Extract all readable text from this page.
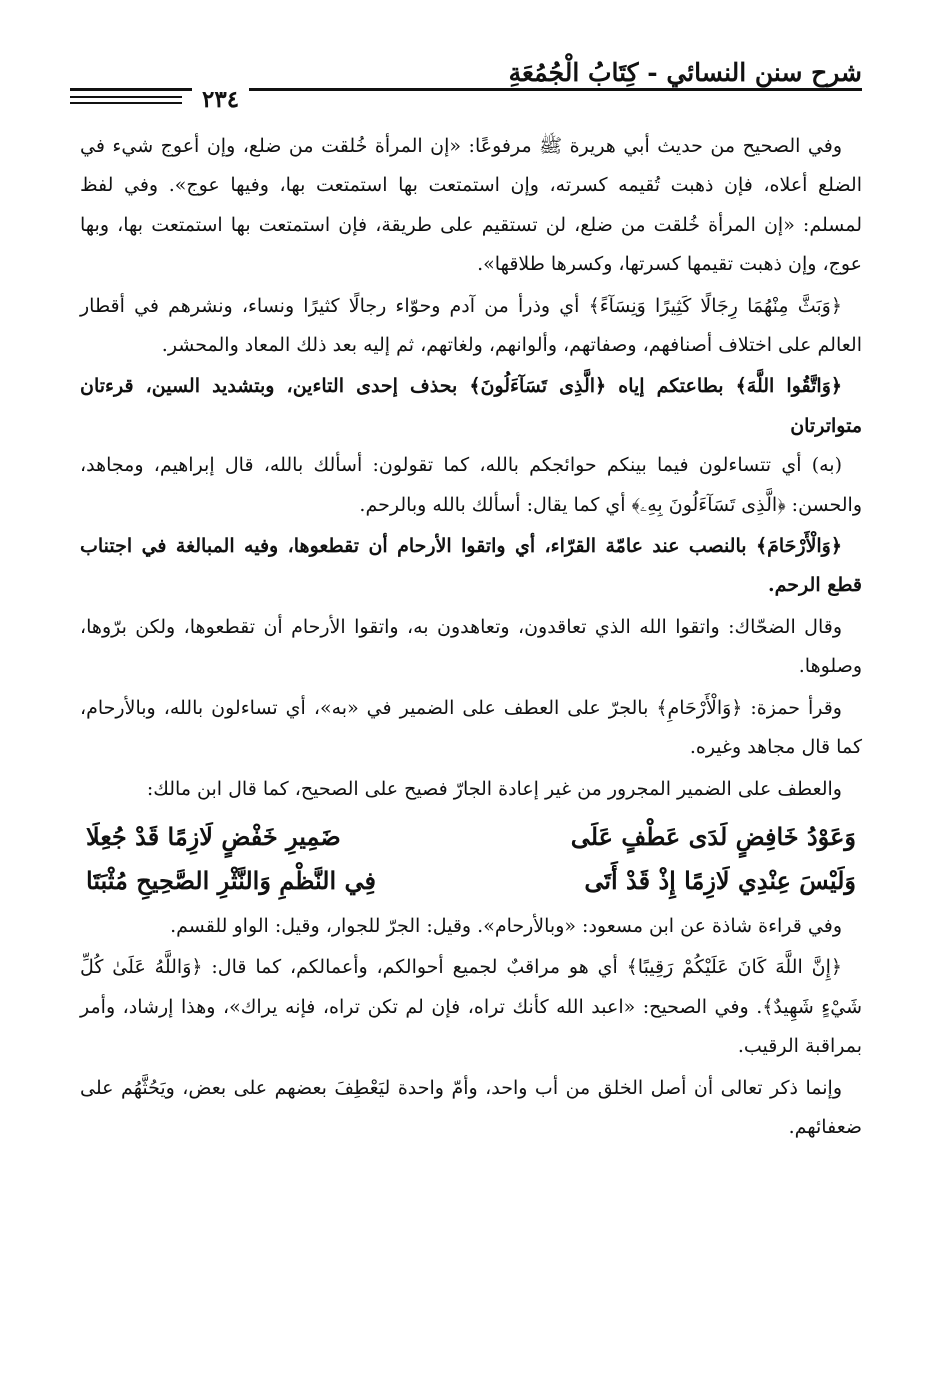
شرح سنن النسائي - كِتَابُ الْجُمُعَةِ
٢٣٤

وفي الصحيح من حديث أبي هريرة ﷺ مرفوعًا: «إن المرأة خُلقت من ضلع، وإن أعوج شيء في الضلع أعلاه، فإن ذهبت تُقيمه كسرته، وإن استمتعت بها استمتعت بها، وفيها عوج». وفي لفظ لمسلم: «إن المرأة خُلقت من ضلع، لن تستقيم على طريقة، فإن استمتعت بها استمتعت بها، وبها عوج، وإن ذهبت تقيمها كسرتها، وكسرها طلاقها».

﴿وَبَثَّ مِنْهُمَا رِجَالًا كَثِيرًا وَنِسَآءً﴾ أي وذرأ من آدم وحوّاء رجالًا كثيرًا ونساء، ونشرهم في أقطار العالم على اختلاف أصنافهم، وصفاتهم، وألوانهم، ولغاتهم، ثم إليه بعد ذلك المعاد والمحشر.

﴿وَاتَّقُوا اللَّهَ﴾ بطاعتكم إياه ﴿الَّذِى تَسَآءَلُونَ﴾ بحذف إحدى التاءين، وبتشديد السين، قرءتان متواترتان

(به) أي تتساءلون فيما بينكم حوائجكم بالله، كما تقولون: أسألك بالله، قال إبراهيم، ومجاهد، والحسن: ﴿الَّذِى تَسَآءَلُونَ بِهِۦ﴾ أي كما يقال: أسألك بالله وبالرحم.

﴿وَالْأَرْحَامَ﴾ بالنصب عند عامّة القرّاء، أي واتقوا الأرحام أن تقطعوها، وفيه المبالغة في اجتناب قطع الرحم.

وقال الضحّاك: واتقوا الله الذي تعاقدون، وتعاهدون به، واتقوا الأرحام أن تقطعوها، ولكن برّوها، وصلوها.

وقرأ حمزة: ﴿وَالْأَرْحَامِ﴾ بالجرّ على العطف على الضمير في «به»، أي تساءلون بالله، وبالأرحام، كما قال مجاهد وغيره.

والعطف على الضمير المجرور من غير إعادة الجارّ فصيح على الصحيح، كما قال ابن مالك:

وَعَوْدُ خَافِضٍ لَدَى عَطْفٍ عَلَى
ضَمِيرِ خَفْضٍ لَازِمًا قَدْ جُعِلَا
وَلَيْسَ عِنْدِي لَازِمًا إِذْ قَدْ أَتَى
فِي النَّظْمِ وَالنَّثْرِ الصَّحِيحِ مُثْبَتَا

وفي قراءة شاذة عن ابن مسعود: «وبالأرحام». وقيل: الجرّ للجوار، وقيل: الواو للقسم.

﴿إِنَّ اللَّهَ كَانَ عَلَيْكُمْ رَقِيبًا﴾ أي هو مراقبٌ لجميع أحوالكم، وأعمالكم، كما قال: ﴿وَاللَّهُ عَلَىٰ كُلِّ شَيْءٍ شَهِيدٌ﴾. وفي الصحيح: «اعبد الله كأنك تراه، فإن لم تكن تراه، فإنه يراك»، وهذا إرشاد، وأمر بمراقبة الرقيب.

وإنما ذكر تعالى أن أصل الخلق من أب واحد، وأمّ واحدة ليَعْطِفَ بعضهم على بعض، ويَحُثَّهُم على ضعفائهم.
